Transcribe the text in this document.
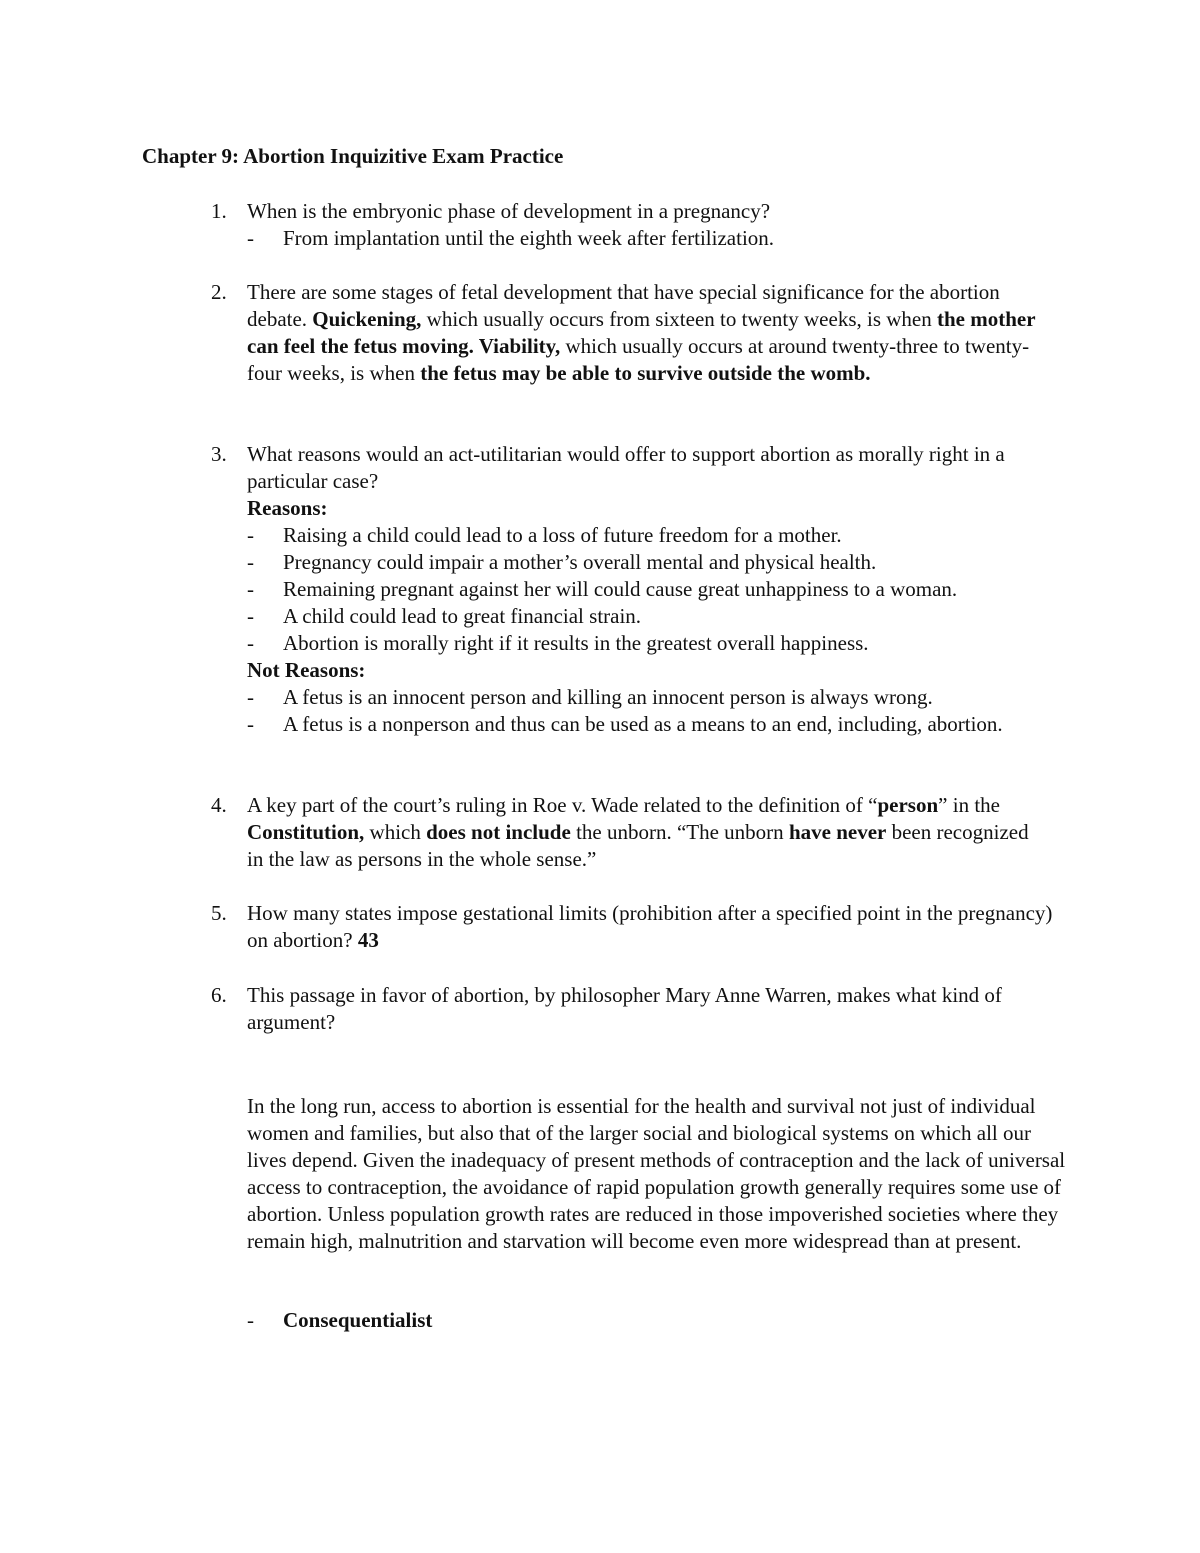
Chapter 9: Abortion Inquizitive Exam Practice
1. When is the embryonic phase of development in a pregnancy?
- From implantation until the eighth week after fertilization.
2. There are some stages of fetal development that have special significance for the abortion debate. Quickening, which usually occurs from sixteen to twenty weeks, is when the mother can feel the fetus moving. Viability, which usually occurs at around twenty-three to twenty-four weeks, is when the fetus may be able to survive outside the womb.
3. What reasons would an act-utilitarian would offer to support abortion as morally right in a particular case?
Reasons:
- Raising a child could lead to a loss of future freedom for a mother.
- Pregnancy could impair a mother’s overall mental and physical health.
- Remaining pregnant against her will could cause great unhappiness to a woman.
- A child could lead to great financial strain.
- Abortion is morally right if it results in the greatest overall happiness.
Not Reasons:
- A fetus is an innocent person and killing an innocent person is always wrong.
- A fetus is a nonperson and thus can be used as a means to an end, including, abortion.
4. A key part of the court’s ruling in Roe v. Wade related to the definition of “person” in the Constitution, which does not include the unborn. “The unborn have never been recognized in the law as persons in the whole sense.”
5. How many states impose gestational limits (prohibition after a specified point in the pregnancy) on abortion? 43
6. This passage in favor of abortion, by philosopher Mary Anne Warren, makes what kind of argument?
In the long run, access to abortion is essential for the health and survival not just of individual women and families, but also that of the larger social and biological systems on which all our lives depend. Given the inadequacy of present methods of contraception and the lack of universal access to contraception, the avoidance of rapid population growth generally requires some use of abortion. Unless population growth rates are reduced in those impoverished societies where they remain high, malnutrition and starvation will become even more widespread than at present.
- Consequentialist
